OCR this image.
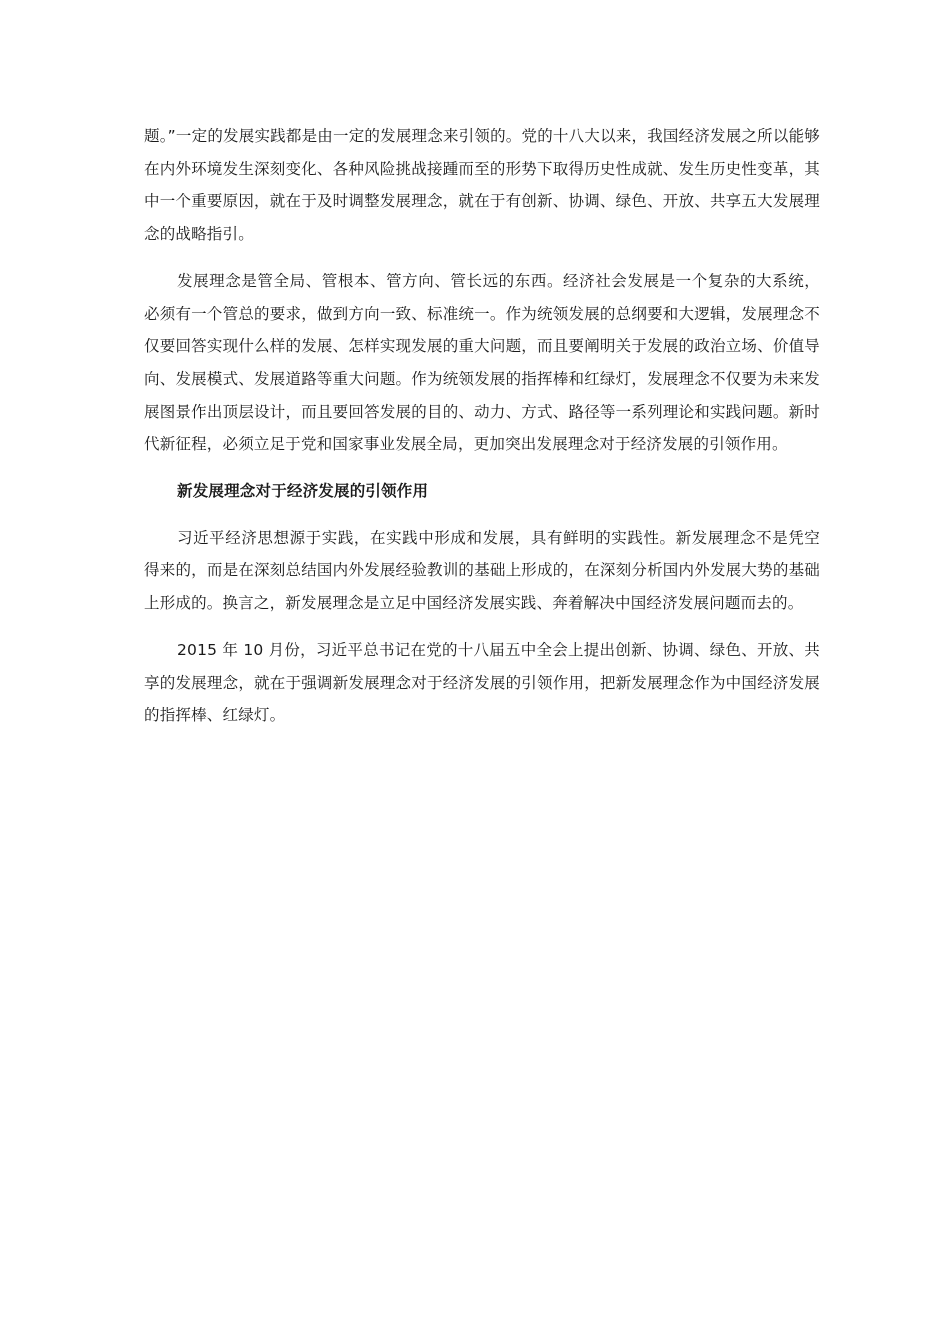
题。”一定的发展实践都是由一定的发展理念来引领的。党的十八大以来，我国经济发展之所以能够在内外环境发生深刻变化、各种风险挑战接踵而至的形势下取得历史性成就、发生历史性变革，其中一个重要原因，就在于及时调整发展理念，就在于有创新、协调、绿色、开放、共享五大发展理念的战略指引。

发展理念是管全局、管根本、管方向、管长远的东西。经济社会发展是一个复杂的大系统，必须有一个管总的要求，做到方向一致、标准统一。作为统领发展的总纲要和大逻辑，发展理念不仅要回答实现什么样的发展、怎样实现发展的重大问题，而且要阐明关于发展的政治立场、价值导向、发展模式、发展道路等重大问题。作为统领发展的指挥棒和红绿灯，发展理念不仅要为未来发展图景作出顶层设计，而且要回答发展的目的、动力、方式、路径等一系列理论和实践问题。新时代新征程，必须立足于党和国家事业发展全局，更加突出发展理念对于经济发展的引领作用。

新发展理念对于经济发展的引领作用

习近平经济思想源于实践，在实践中形成和发展，具有鲜明的实践性。新发展理念不是凭空得来的，而是在深刻总结国内外发展经验教训的基础上形成的，在深刻分析国内外发展大势的基础上形成的。换言之，新发展理念是立足中国经济发展实践、奔着解决中国经济发展问题而去的。

2015 年 10 月份，习近平总书记在党的十八届五中全会上提出创新、协调、绿色、开放、共享的发展理念，就在于强调新发展理念对于经济发展的引领作用，把新发展理念作为中国经济发展的指挥棒、红绿灯。
